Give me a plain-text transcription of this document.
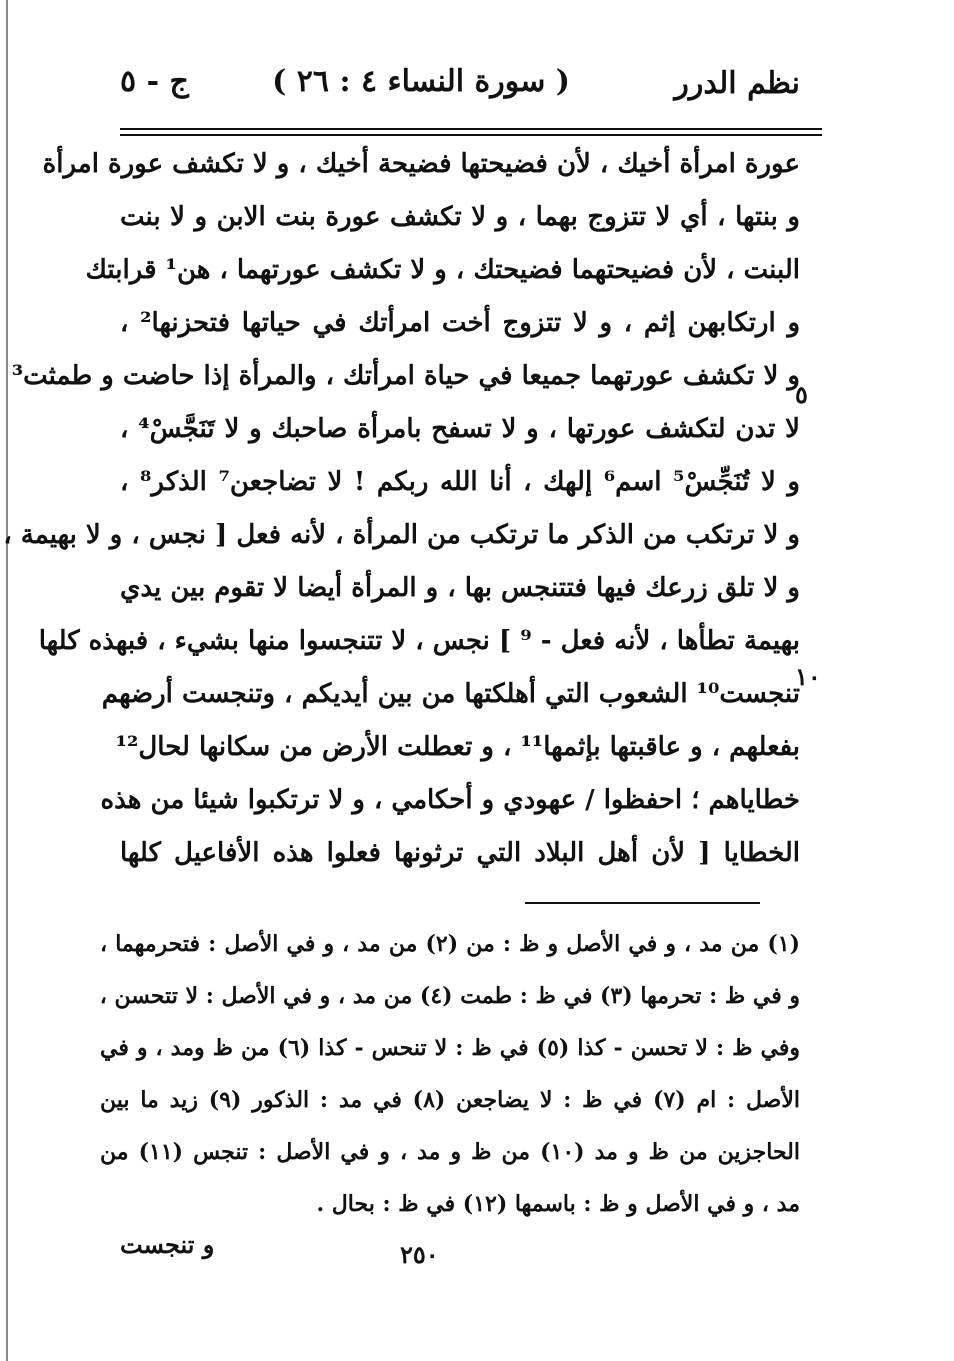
نظم الدرر
( سورة النساء ٤ : ٢٦ )
ج - ٥
عورة امرأة أخيك ، لأن فضيحتها فضيحة أخيك ، و لا تكشف عورة امرأة
و بنتها ، أي لا تتزوج بهما ، و لا تكشف عورة بنت الابن و لا بنت
البنت ، لأن فضيحتهما فضيحتك ، و لا تكشف عورتهما ، هن¹ قرابتك
و ارتكابهن إثم ، و لا تتزوج أخت امرأتك في حياتها فتحزنها² ،
و لا تكشف عورتهما جميعا في حياة امرأتك ، والمرأة إذا حاضت و طمثت³
لا تدن لتكشف عورتها ، و لا تسفح بامرأة صاحبك و لا تَنَجَّسْ⁴ ،
و لا تُنَجِّسْ⁵ اسم⁶ إلهك ، أنا الله ربكم ! لا تضاجعن⁷ الذكر⁸ ،
و لا ترتكب من الذكر ما ترتكب من المرأة ، لأنه فعل [ نجس ، و لا بهيمة ،
و لا تلق زرعك فيها فتتنجس بها ، و المرأة أيضا لا تقوم بين يدي
بهيمة تطأها ، لأنه فعل - ⁹ ] نجس ، لا تتنجسوا منها بشيء ، فبهذه كلها
تنجست¹⁰ الشعوب التي أهلكتها من بين أيديكم ، وتنجست أرضهم
بفعلهم ، و عاقبتها بإثمها¹¹ ، و تعطلت الأرض من سكانها لحال¹²
خطاياهم ؛ احفظوا / عهودي و أحكامي ، و لا ترتكبوا شيئا من هذه
الخطايا [ لأن أهل البلاد التي ترثونها فعلوا هذه الأفاعيل كلها
٥
١٠
(١) من مد ، و في الأصل و ظ : من (٢) من مد ، و في الأصل : فتحرمهما ،
و في ظ : تحرمها (٣) في ظ : طمت (٤) من مد ، و في الأصل : لا تتحسن ،
وفي ظ : لا تحسن - كذا (٥) في ظ : لا تنحس - كذا (٦) من ظ ومد ، و في
الأصل : ام (٧) في ظ : لا يضاجعن (٨) في مد : الذكور (٩) زيد ما بين
الحاجزين من ظ و مد (١٠) من ظ و مد ، و في الأصل : تنجس (١١) من
مد ، و في الأصل و ظ : باسمها (١٢) في ظ : بحال .
٢٥٠
و تنجست
